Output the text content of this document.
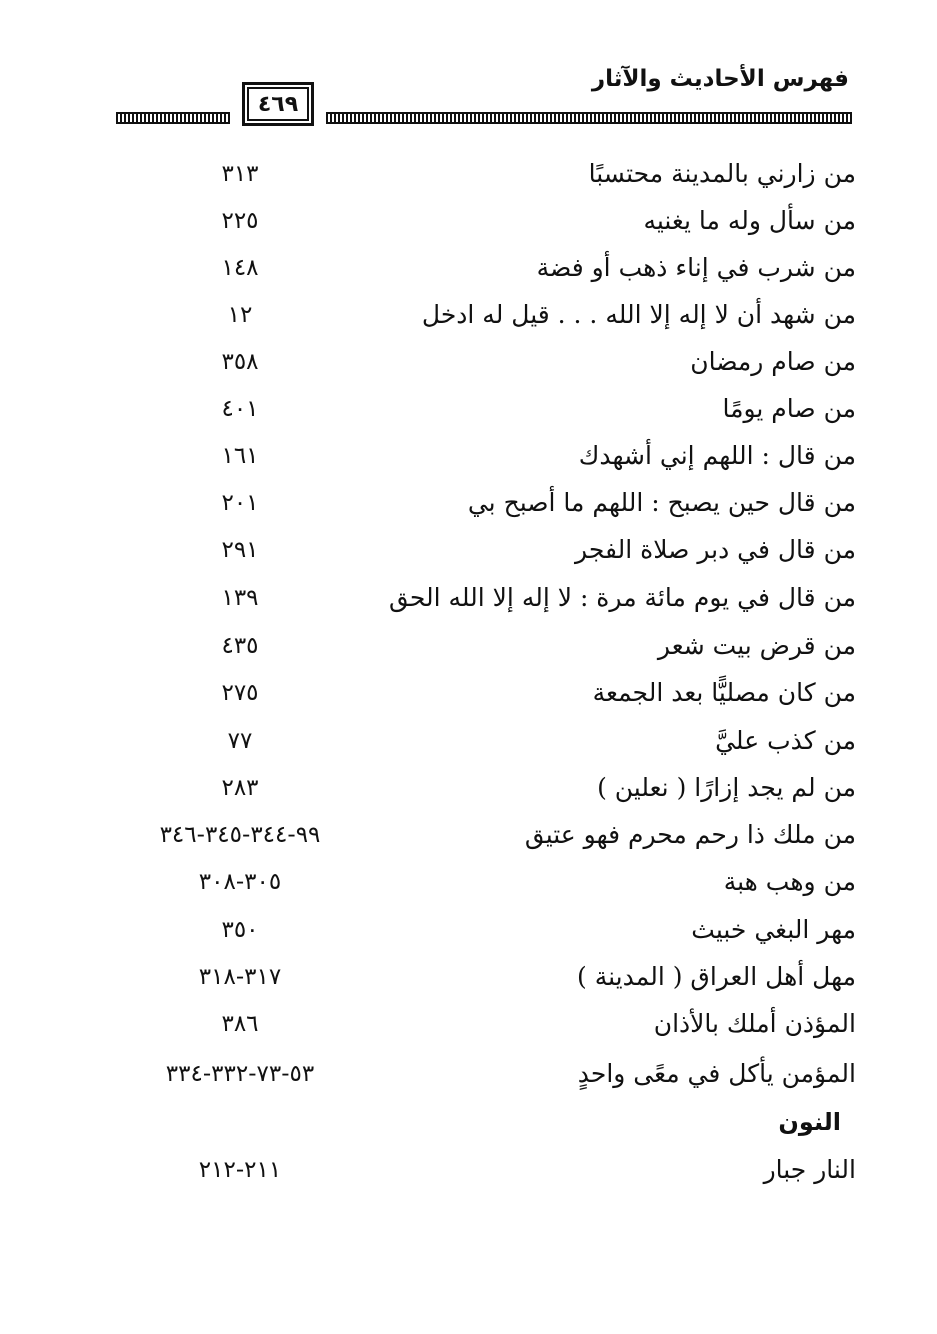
فهرس الأحاديث والآثار
٤٦٩
من زارني بالمدينة محتسبًا
٣١٣
من سأل وله ما يغنيه
٢٢٥
من شرب في إناء ذهب أو فضة
١٤٨
من شهد أن لا إله إلا الله . . . قيل له ادخل
١٢
من صام رمضان
٣٥٨
من صام يومًا
٤٠١
من قال : اللهم إني أشهدك
١٦١
من قال حين يصبح : اللهم ما أصبح بي
٢٠١
من قال في دبر صلاة الفجر
٢٩١
من قال في يوم مائة مرة : لا إله إلا الله الحق
١٣٩
من قرض بيت شعر
٤٣٥
من كان مصليًّا بعد الجمعة
٢٧٥
من كذب عليَّ
٧٧
من لم يجد إزارًا ( نعلين )
٢٨٣
من ملك ذا رحم محرم فهو عتيق
٩٩-٣٤٤-٣٤٥-٣٤٦
من وهب هبة
٣٠٥-٣٠٨
مهر البغي خبيث
٣٥٠
مهل أهل العراق ( المدينة )
٣١٧-٣١٨
المؤذن أملك بالأذان
٣٨٦
المؤمن يأكل في معًى واحدٍ
٥٣-٧٣-٣٣٢-٣٣٤
النون
النار جبار
٢١١-٢١٢
